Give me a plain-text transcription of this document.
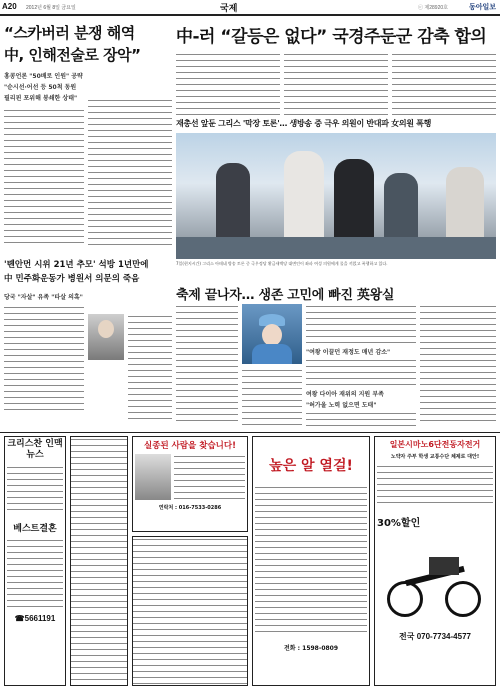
A20 2012년 6월 8일 금요일	국제	ⓒ 제28920호	동아일보
“스카버러 분쟁 해역
中, 인해전술로 장악”
홍콩언론 "50배로 인원" 공략
"순시선·어선 등 50척 동원
필리핀 포위해 봉쇄한 상태"
中-러 “갈등은 없다” 국경주둔군 감축 합의
재총선 앞둔 그리스 '막장 토론'… 생방송 중 극우 의원이 반대파 女의원 폭행
7일(현지시간) 그리스 아테네 방송 토론 중 극우정당 황금새벽당 대변인이 좌파 여성 의원에게 물을 끼얹고 폭행하고 있다.
'톈안먼 시위 21년 추모' 석방 1년만에
中 민주화운동가 병원서 의문의 죽음
당국 "자살" 유족 "타살 의혹"	축제 끝나자… 생존 고민에 빠진 英왕실
"여왕 이끌던 재정도 매년 감소"
여왕 다이아 재위의 지원 부족
"허가울 노력 없으면 도태"
크리스찬 인맥뉴스
베스트결혼
☎5661191
실종된 사람을 찾습니다!
연락처 : 016-7533-0286
높은 알 열걸!
전화 : 1598-0809
일본시마노6단전동자전거
노약자 주부 학생 교통수단 체제로 대안!
30%할인
전국 070-7734-4577
